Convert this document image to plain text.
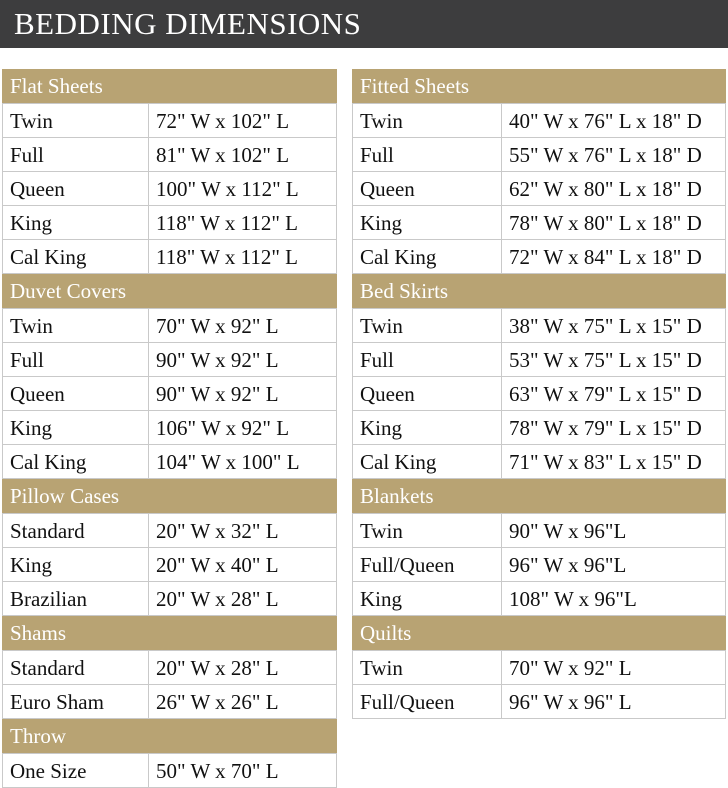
BEDDING DIMENSIONS
Flat Sheets
Twin	72" W x 102" L
Full	81" W x 102" L
Queen	100" W x 112" L
King	118" W x 112" L
Cal King	118" W x 112" L
Duvet Covers
Twin	70" W x 92" L
Full	90" W x 92" L
Queen	90" W x 92" L
King	106" W x 92" L
Cal King	104" W x 100" L
Pillow Cases
Standard	20" W x 32" L
King	20" W x 40" L
Brazilian	20" W x 28" L
Shams
Standard	20" W x 28" L
Euro Sham	26" W x 26" L
Throw
One Size	50" W x 70" L
Fitted Sheets
Twin	40" W x 76" L x 18" D
Full	55" W x 76" L x 18" D
Queen	62" W x 80" L x 18" D
King	78" W x 80" L x 18" D
Cal King	72" W x 84" L x 18" D
Bed Skirts
Twin	38" W x 75" L x 15" D
Full	53" W x 75" L x 15" D
Queen	63" W x 79" L x 15" D
King	78" W x 79" L x 15" D
Cal King	71" W x 83" L x 15" D
Blankets
Twin	90" W x 96"L
Full/Queen	96" W x 96"L
King	108" W x 96"L
Quilts
Twin	70" W x 92" L
Full/Queen	96" W x 96" L
